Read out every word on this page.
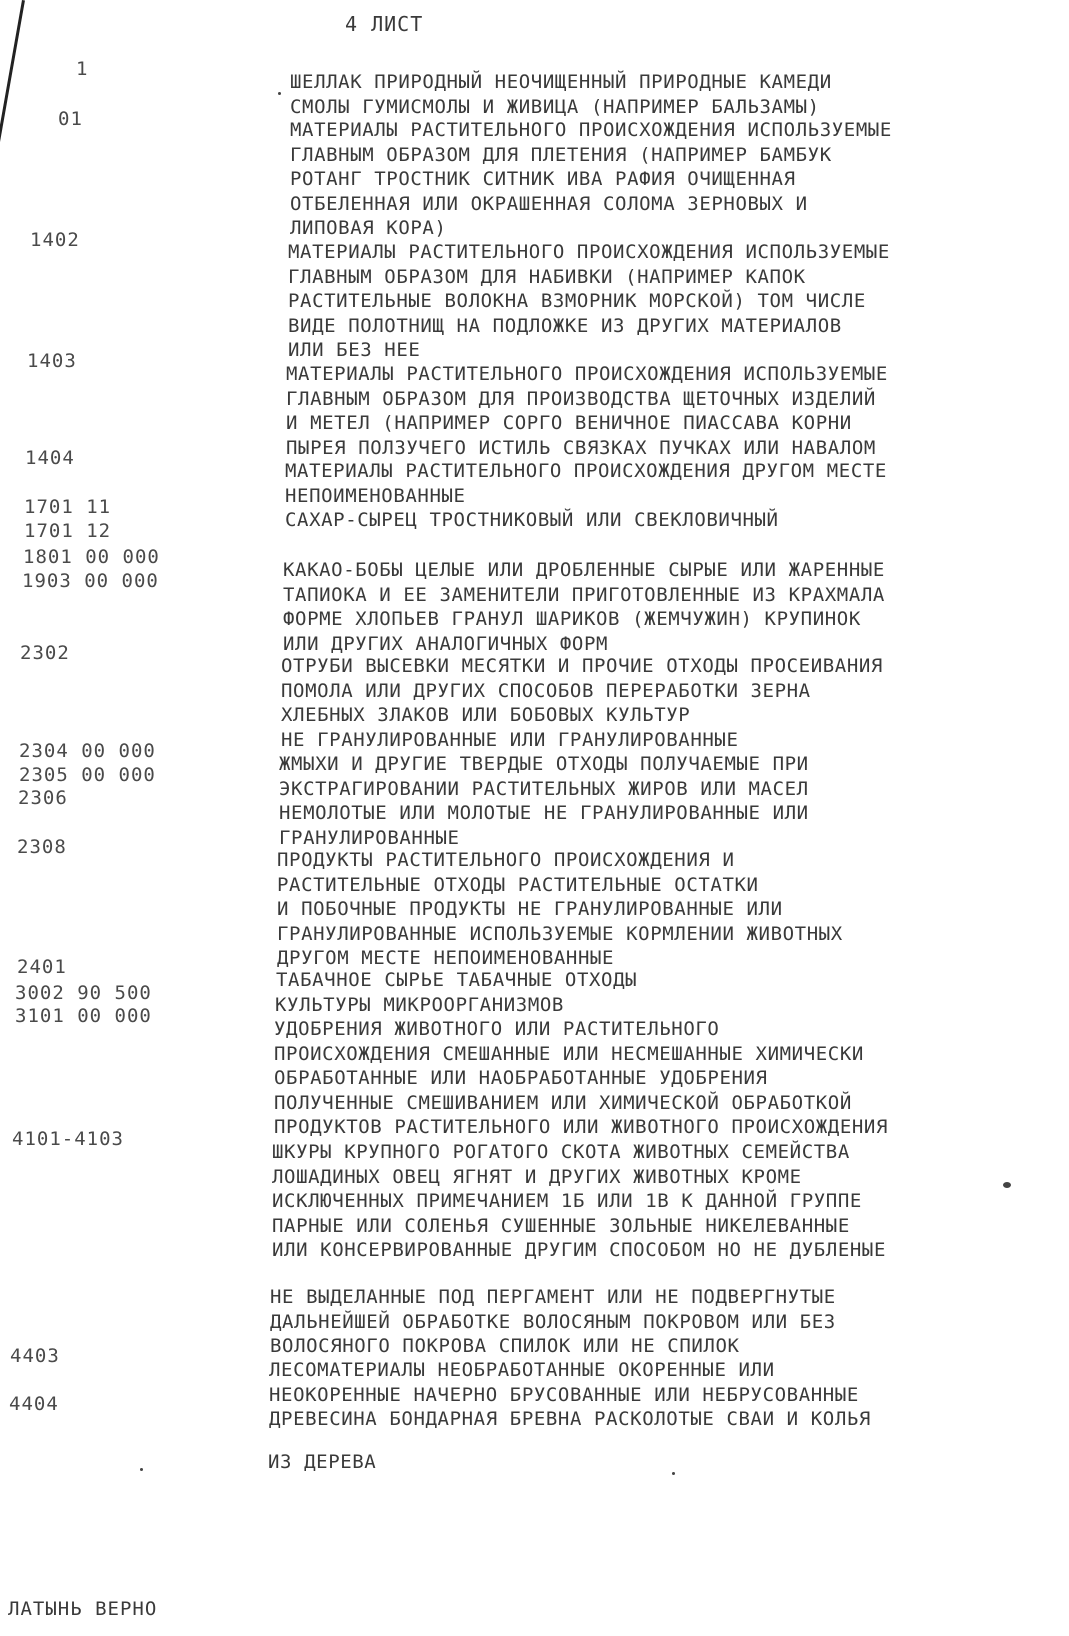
4 ЛИСТ
1
01
1402
1403
1404
1701 11
1701 12
1801 00 000
1903 00 000
2302
2304 00 000
2305 00 000
2306
2308
2401
3002 90 500
3101 00 000
4101-4103
4403
4404
ШЕЛЛАК ПРИРОДНЫЙ НЕОЧИЩЕННЫЙ ПРИРОДНЫЕ КАМЕДИ
СМОЛЫ ГУМИСМОЛЫ И ЖИВИЦА (НАПРИМЕР БАЛЬЗАМЫ)
МАТЕРИАЛЫ РАСТИТЕЛЬНОГО ПРОИСХОЖДЕНИЯ ИСПОЛЬЗУЕМЫЕ
ГЛАВНЫМ ОБРАЗОМ ДЛЯ ПЛЕТЕНИЯ (НАПРИМЕР БАМБУК
РОТАНГ ТРОСТНИК СИТНИК ИВА РАФИЯ ОЧИЩЕННАЯ
ОТБЕЛЕННАЯ ИЛИ ОКРАШЕННАЯ СОЛОМА ЗЕРНОВЫХ И
ЛИПОВАЯ КОРА)
МАТЕРИАЛЫ РАСТИТЕЛЬНОГО ПРОИСХОЖДЕНИЯ ИСПОЛЬЗУЕМЫЕ
ГЛАВНЫМ ОБРАЗОМ ДЛЯ НАБИВКИ (НАПРИМЕР КАПОК
РАСТИТЕЛЬНЫЕ ВОЛОКНА ВЗМОРНИК МОРСКОЙ) ТОМ ЧИСЛЕ
ВИДЕ ПОЛОТНИЩ НА ПОДЛОЖКЕ ИЗ ДРУГИХ МАТЕРИАЛОВ
ИЛИ БЕЗ НЕЕ
МАТЕРИАЛЫ РАСТИТЕЛЬНОГО ПРОИСХОЖДЕНИЯ ИСПОЛЬЗУЕМЫЕ
ГЛАВНЫМ ОБРАЗОМ ДЛЯ ПРОИЗВОДСТВА ЩЕТОЧНЫХ ИЗДЕЛИЙ
И МЕТЕЛ (НАПРИМЕР СОРГО ВЕНИЧНОЕ ПИАССАВА КОРНИ
ПЫРЕЯ ПОЛЗУЧЕГО ИСТИЛЬ СВЯЗКАХ ПУЧКАХ ИЛИ НАВАЛОМ
МАТЕРИАЛЫ РАСТИТЕЛЬНОГО ПРОИСХОЖДЕНИЯ ДРУГОМ МЕСТЕ
НЕПОИМЕНОВАННЫЕ
САХАР-СЫРЕЦ ТРОСТНИКОВЫЙ ИЛИ СВЕКЛОВИЧНЫЙ
КАКАО-БОБЫ ЦЕЛЫЕ ИЛИ ДРОБЛЕННЫЕ СЫРЫЕ ИЛИ ЖАРЕННЫЕ
ТАПИОКА И ЕЕ ЗАМЕНИТЕЛИ ПРИГОТОВЛЕННЫЕ ИЗ КРАХМАЛА
ФОРМЕ ХЛОПЬЕВ ГРАНУЛ ШАРИКОВ (ЖЕМЧУЖИН) КРУПИНОК
ИЛИ ДРУГИХ АНАЛОГИЧНЫХ ФОРМ
ОТРУБИ ВЫСЕВКИ МЕСЯТКИ И ПРОЧИЕ ОТХОДЫ ПРОСЕИВАНИЯ
ПОМОЛА ИЛИ ДРУГИХ СПОСОБОВ ПЕРЕРАБОТКИ ЗЕРНА
ХЛЕБНЫХ ЗЛАКОВ ИЛИ БОБОВЫХ КУЛЬТУР
НЕ ГРАНУЛИРОВАННЫЕ ИЛИ ГРАНУЛИРОВАННЫЕ
ЖМЫХИ И ДРУГИЕ ТВЕРДЫЕ ОТХОДЫ ПОЛУЧАЕМЫЕ ПРИ
ЭКСТРАГИРОВАНИИ РАСТИТЕЛЬНЫХ ЖИРОВ ИЛИ МАСЕЛ
НЕМОЛОТЫЕ ИЛИ МОЛОТЫЕ НЕ ГРАНУЛИРОВАННЫЕ ИЛИ
ГРАНУЛИРОВАННЫЕ
ПРОДУКТЫ РАСТИТЕЛЬНОГО ПРОИСХОЖДЕНИЯ И
РАСТИТЕЛЬНЫЕ ОТХОДЫ РАСТИТЕЛЬНЫЕ ОСТАТКИ
И ПОБОЧНЫЕ ПРОДУКТЫ НЕ ГРАНУЛИРОВАННЫЕ ИЛИ
ГРАНУЛИРОВАННЫЕ ИСПОЛЬЗУЕМЫЕ КОРМЛЕНИИ ЖИВОТНЫХ
ДРУГОМ МЕСТЕ НЕПОИМЕНОВАННЫЕ
ТАБАЧНОЕ СЫРЬЕ ТАБАЧНЫЕ ОТХОДЫ
КУЛЬТУРЫ МИКРООРГАНИЗМОВ
УДОБРЕНИЯ ЖИВОТНОГО ИЛИ РАСТИТЕЛЬНОГО
ПРОИСХОЖДЕНИЯ СМЕШАННЫЕ ИЛИ НЕСМЕШАННЫЕ ХИМИЧЕСКИ
ОБРАБОТАННЫЕ ИЛИ НАОБРАБОТАННЫЕ УДОБРЕНИЯ
ПОЛУЧЕННЫЕ СМЕШИВАНИЕМ ИЛИ ХИМИЧЕСКОЙ ОБРАБОТКОЙ
ПРОДУКТОВ РАСТИТЕЛЬНОГО ИЛИ ЖИВОТНОГО ПРОИСХОЖДЕНИЯ
ШКУРЫ КРУПНОГО РОГАТОГО СКОТА ЖИВОТНЫХ СЕМЕЙСТВА
ЛОШАДИНЫХ ОВЕЦ ЯГНЯТ И ДРУГИХ ЖИВОТНЫХ КРОМЕ
ИСКЛЮЧЕННЫХ ПРИМЕЧАНИЕМ 1Б ИЛИ 1В К ДАННОЙ ГРУППЕ
ПАРНЫЕ ИЛИ СОЛЕНЬЯ СУШЕННЫЕ ЗОЛЬНЫЕ НИКЕЛЕВАННЫЕ
ИЛИ КОНСЕРВИРОВАННЫЕ ДРУГИМ СПОСОБОМ НО НЕ ДУБЛЕНЫЕ
НЕ ВЫДЕЛАННЫЕ ПОД ПЕРГАМЕНТ ИЛИ НЕ ПОДВЕРГНУТЫЕ
ДАЛЬНЕЙШЕЙ ОБРАБОТКЕ ВОЛОСЯНЫМ ПОКРОВОМ ИЛИ БЕЗ
ВОЛОСЯНОГО ПОКРОВА СПИЛОК ИЛИ НЕ СПИЛОК
ЛЕСОМАТЕРИАЛЫ НЕОБРАБОТАННЫЕ ОКОРЕННЫЕ ИЛИ
НЕОКОРЕННЫЕ НАЧЕРНО БРУСОВАННЫЕ ИЛИ НЕБРУСОВАННЫЕ
ДРЕВЕСИНА БОНДАРНАЯ БРЕВНА РАСКОЛОТЫЕ СВАИ И КОЛЬЯ
ИЗ ДЕРЕВА
ЛАТЫНЬ ВЕРНО
